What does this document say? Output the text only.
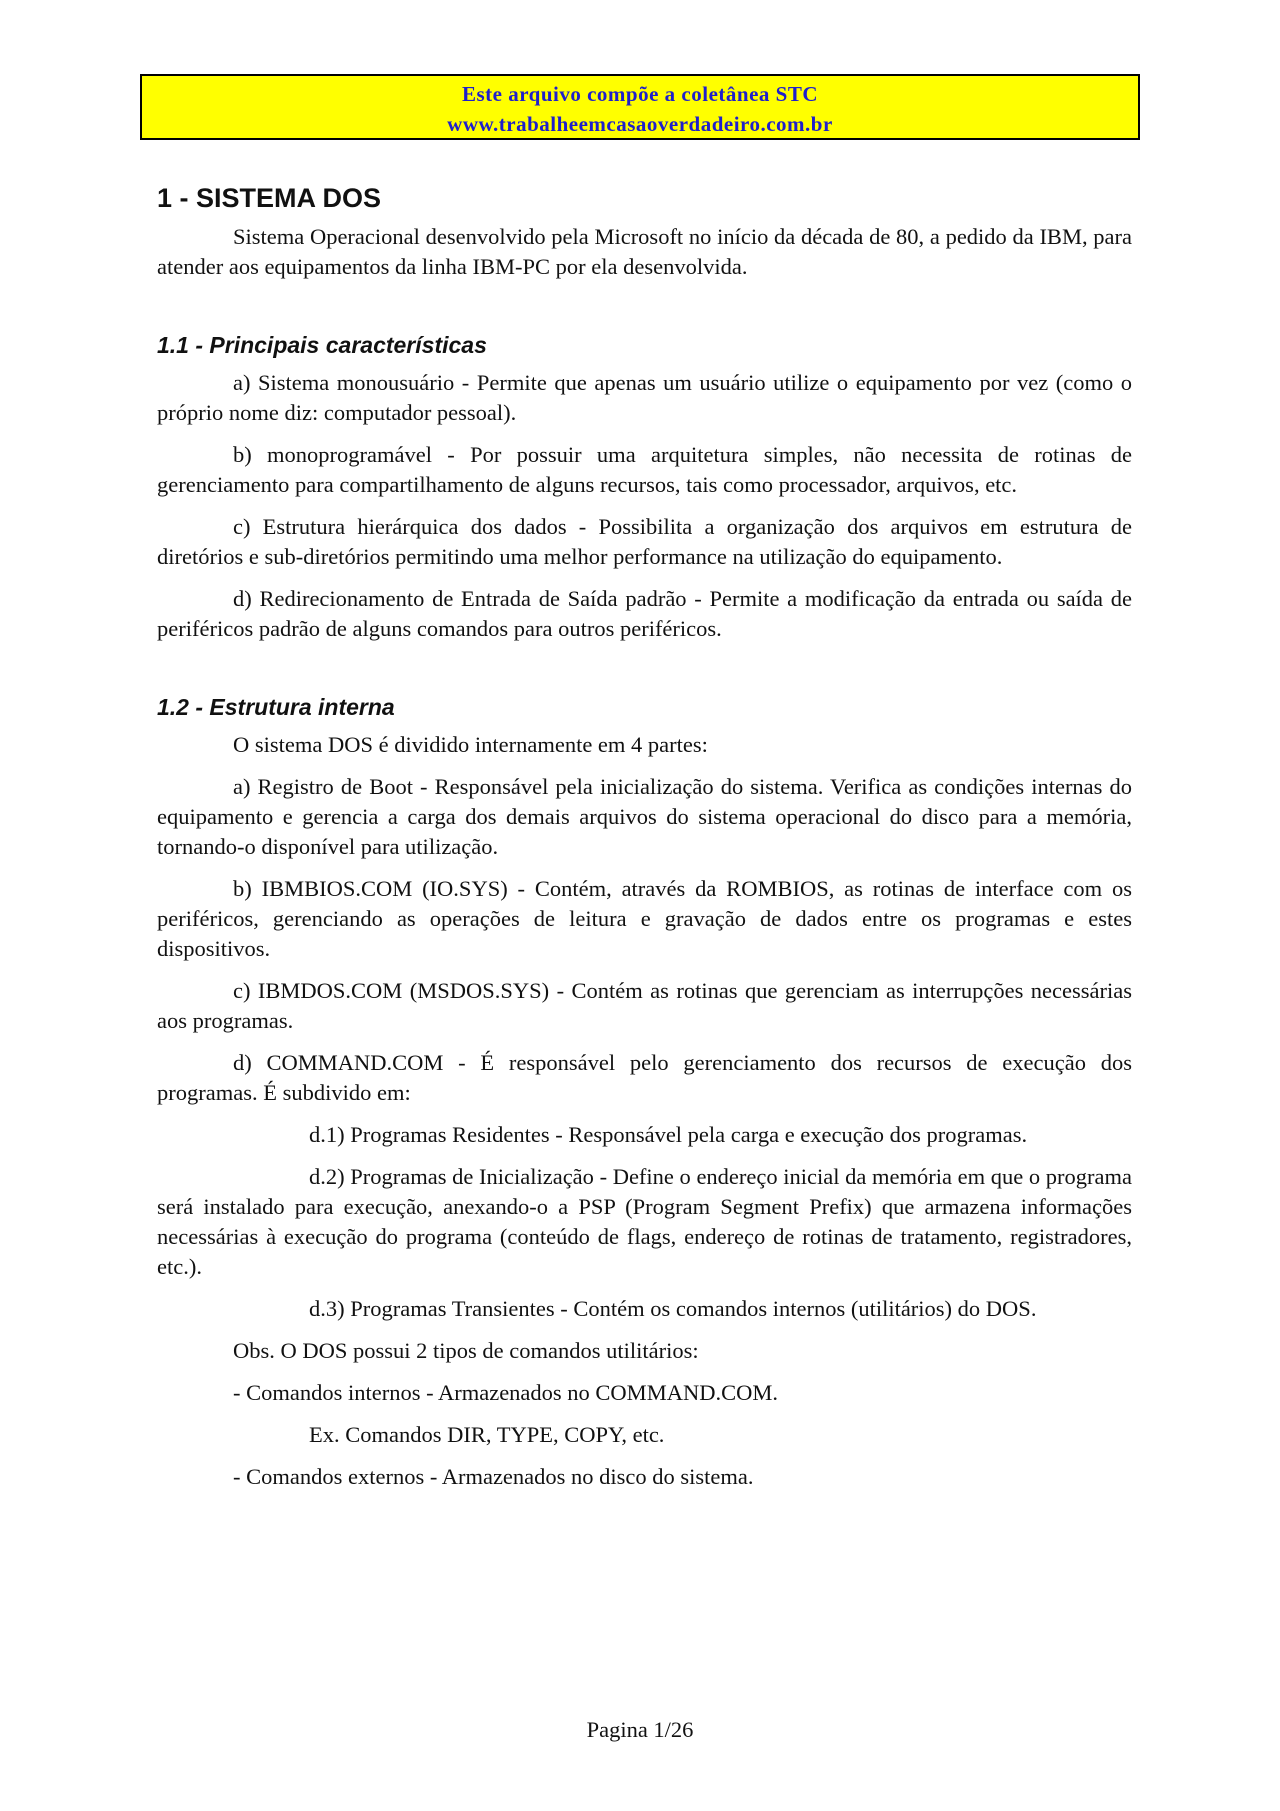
Este arquivo compõe a coletânea STC
www.trabalheemcasaoverdadeiro.com.br
1 - SISTEMA DOS

Sistema Operacional desenvolvido pela Microsoft no início da década de 80, a pedido da IBM, para atender aos equipamentos da linha IBM-PC por ela desenvolvida.

1.1 - Principais características

a) Sistema monousuário - Permite que apenas um usuário utilize o equipamento por vez (como o próprio nome diz: computador pessoal).

b) monoprogramável - Por possuir uma arquitetura simples, não necessita de rotinas de gerenciamento para compartilhamento de alguns recursos, tais como processador, arquivos, etc.

c) Estrutura hierárquica dos dados - Possibilita a organização dos arquivos em estrutura de diretórios e sub-diretórios permitindo uma melhor performance na utilização do equipamento.

d) Redirecionamento de Entrada de Saída padrão - Permite a modificação da entrada ou saída de periféricos padrão de alguns comandos para outros periféricos.

1.2 - Estrutura interna

O sistema DOS é dividido internamente em 4 partes:

a) Registro de Boot - Responsável pela inicialização do sistema. Verifica as condições internas do equipamento e gerencia a carga dos demais arquivos do sistema operacional do disco para a memória, tornando-o disponível para utilização.

b) IBMBIOS.COM (IO.SYS) - Contém, através da ROMBIOS, as rotinas de interface com os periféricos, gerenciando as operações de leitura e gravação de dados entre os programas e estes dispositivos.

c) IBMDOS.COM (MSDOS.SYS) - Contém as rotinas que gerenciam as interrupções necessárias aos programas.

d) COMMAND.COM - É responsável pelo gerenciamento dos recursos de execução dos programas. É subdivido em:

d.1) Programas Residentes - Responsável pela carga e execução dos programas.

d.2) Programas de Inicialização - Define o endereço inicial da memória em que o programa será instalado para execução, anexando-o a PSP (Program Segment Prefix) que armazena informações necessárias à execução do programa (conteúdo de flags, endereço de rotinas de tratamento, registradores, etc.).

d.3) Programas Transientes - Contém os comandos internos (utilitários) do DOS.

Obs. O DOS possui 2 tipos de comandos utilitários:

- Comandos internos - Armazenados no COMMAND.COM.

Ex. Comandos DIR, TYPE, COPY, etc.

- Comandos externos - Armazenados no disco do sistema.

Pagina 1/26
